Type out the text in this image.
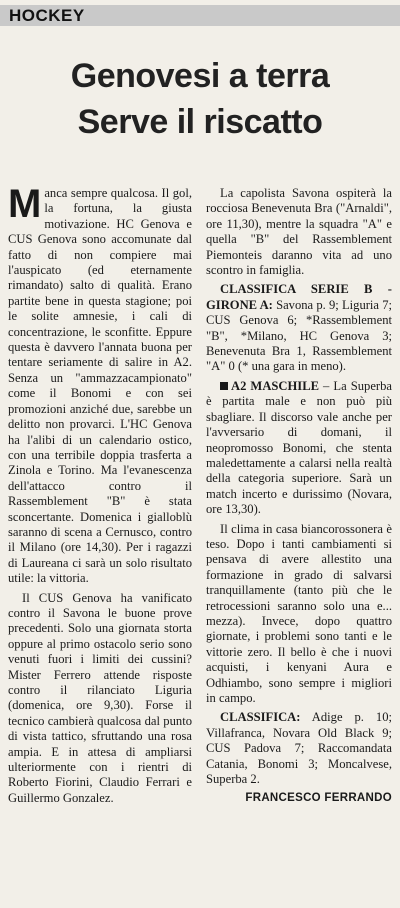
HOCKEY
Genovesi a terra
Serve il riscatto

Manca sempre qualcosa. Il gol, la fortuna, la giusta motivazione. HC Genova e CUS Genova sono accomunate dal fatto di non compiere mai l'auspicato (ed eternamente rimandato) salto di qualità. Erano partite bene in questa stagione; poi le solite amnesie, i cali di concentrazione, le sconfitte. Eppure questa è davvero l'annata buona per tentare seriamente di salire in A2. Senza un "ammazzacampionato" come il Bonomi e con sei promozioni anziché due, sarebbe un delitto non provarci. L'HC Genova ha l'alibi di un calendario ostico, con una terribile doppia trasferta a Zinola e Torino. Ma l'evanescenza dell'attacco contro il Rassemblement "B" è stata sconcertante. Domenica i gialloblù saranno di scena a Cernusco, contro il Milano (ore 14,30). Per i ragazzi di Laureana ci sarà un solo risultato utile: la vittoria.

Il CUS Genova ha vanificato contro il Savona le buone prove precedenti. Solo una giornata storta oppure al primo ostacolo serio sono venuti fuori i limiti dei cussini? Mister Ferrero attende risposte contro il rilanciato Liguria (domenica, ore 9,30). Forse il tecnico cambierà qualcosa dal punto di vista tattico, sfruttando una rosa ampia. E in attesa di ampliarsi ulteriormente con i rientri di Roberto Fiorini, Claudio Ferrari e Guillermo Gonzalez.

La capolista Savona ospiterà la rocciosa Benevenuta Bra ("Arnaldi", ore 11,30), mentre la squadra "A" e quella "B" del Rassemblement Piemonteis daranno vita ad uno scontro in famiglia.

CLASSIFICA SERIE B - GIRONE A: Savona p. 9; Liguria 7; CUS Genova 6; *Rassemblement "B", *Milano, HC Genova 3; Benevenuta Bra 1, Rassemblement "A" 0 (* una gara in meno).

A2 MASCHILE – La Superba è partita male e non può più sbagliare. Il discorso vale anche per l'avversario di domani, il neopromosso Bonomi, che stenta maledettamente a calarsi nella realtà della categoria superiore. Sarà un match incerto e durissimo (Novara, ore 13,30).

Il clima in casa biancorossonera è teso. Dopo i tanti cambiamenti si pensava di avere allestito una formazione in grado di salvarsi tranquillamente (tanto più che le retrocessioni saranno solo una e... mezza). Invece, dopo quattro giornate, i problemi sono tanti e le vittorie zero. Il bello è che i nuovi acquisti, i kenyani Aura e Odhiambo, sono sempre i migliori in campo.

CLASSIFICA: Adige p. 10; Villafranca, Novara Old Black 9; CUS Padova 7; Raccomandata Catania, Bonomi 3; Moncalvese, Superba 2.

FRANCESCO FERRANDO
